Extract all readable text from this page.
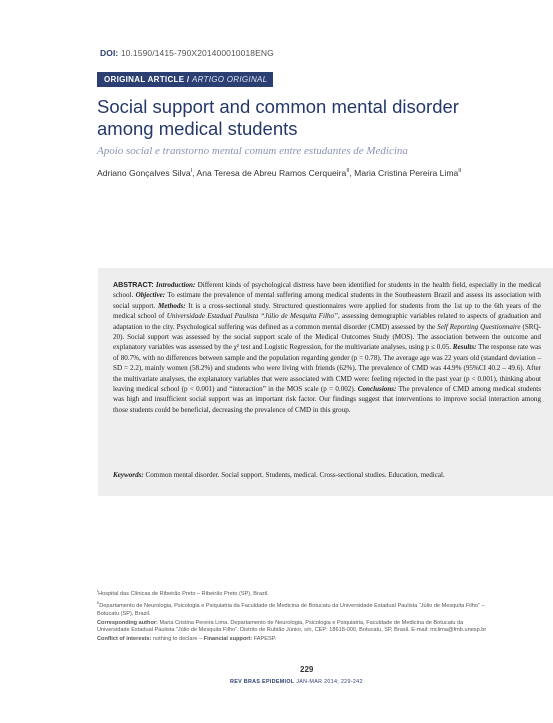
DOI: 10.1590/1415-790X201400010018ENG
ORIGINAL ARTICLE / ARTIGO ORIGINAL
Social support and common mental disorder among medical students

Apoio social e transtorno mental comum entre estudantes de Medicina

Adriano Gonçalves Silva$^I$, Ana Teresa de Abreu Ramos Cerqueira$^{II}$, Maria Cristina Pereira Lima$^{II}$

ABSTRACT: Introduction: Different kinds of psychological distress have been identified for students in the health field, especially in the medical school. Objective: To estimate the prevalence of mental suffering among medical students in the Southeastern Brazil and assess its association with social support. Methods: It is a cross-sectional study. Structured questionnaires were applied for students from the 1st up to the 6th years of the medical school of Universidade Estadual Paulista “Júlio de Mesquita Filho”, assessing demographic variables related to aspects of graduation and adaptation to the city. Psychological suffering was defined as a common mental disorder (CMD) assessed by the Self Reporting Questionnaire (SRQ-20). Social support was assessed by the social support scale of the Medical Outcomes Study (MOS). The association between the outcome and explanatory variables was assessed by the χ² test and Logistic Regression, for the multivariate analyses, using p ≤ 0.05. Results: The response rate was of 80.7%, with no differences between sample and the population regarding gender (p = 0.78). The average age was 22 years old (standard deviation – SD = 2.2), mainly women (58.2%) and students who were living with friends (62%). The prevalence of CMD was 44.9% (95%CI 40.2 – 49.6). After the multivariate analyses, the explanatory variables that were associated with CMD were: feeling rejected in the past year (p < 0.001), thinking about leaving medical school (p < 0.001) and “interaction” in the MOS scale (p = 0.002). Conclusions: The prevalence of CMD among medical students was high and insufficient social support was an important risk factor. Our findings suggest that interventions to improve social interaction among those students could be beneficial, decreasing the prevalence of CMD in this group.

Keywords: Common mental disorder. Social support. Students, medical. Cross-sectional studies. Education, medical.

$^I$Hospital das Clínicas de Ribeirão Preto – Ribeirão Preto (SP), Brazil.

$^{II}$Departamento de Neurologia, Psicologia e Psiquiatria da Faculdade de Medicina de Botucatu da Universidade Estadual Paulista “Júlio de Mesquita Filho” – Botucatu (SP), Brazil.

Corresponding author: Maria Cristina Pereira Lima. Departamento de Neurologia, Psicologia e Psiquiatria, Faculdade de Medicina de Botucatu da Universidade Estadual Paulista “Júlio de Mesquita Filho”. Distrito de Rubião Júnior, s/n, CEP: 18618-000, Botucatu, SP, Brasil. E-mail: mclima@fmb.unesp.br

Conflict of interests: nothing to declare – Financial support: FAPESP.

229
REV BRAS EPIDEMIOL JAN-MAR 2014; 229-242
